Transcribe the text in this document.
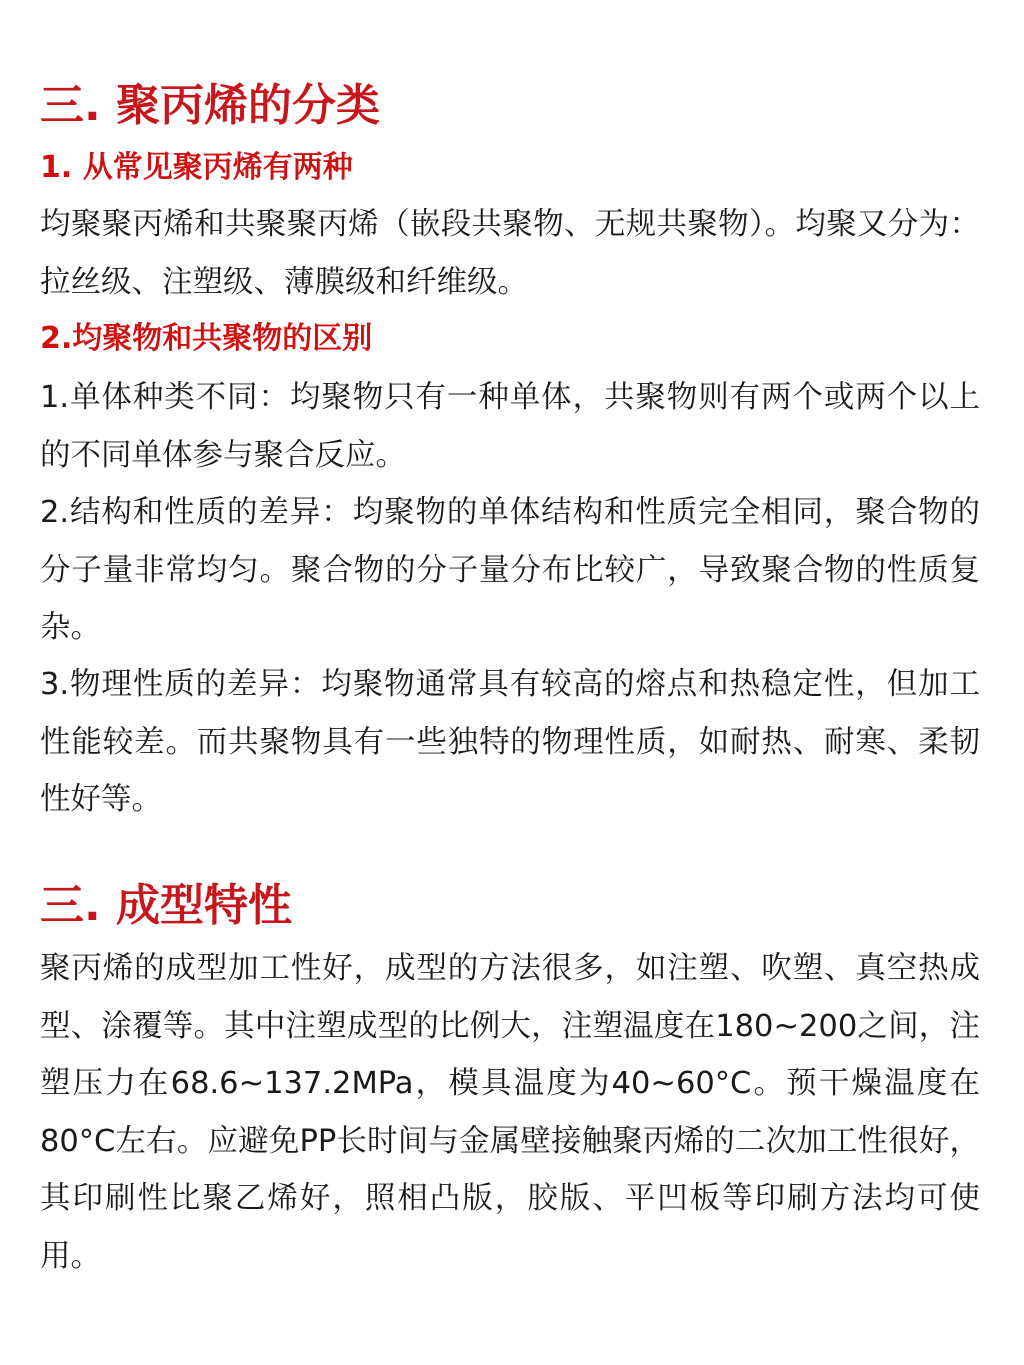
三. 聚丙烯的分类
1. 从常见聚丙烯有两种

均聚聚丙烯和共聚聚丙烯（嵌段共聚物、无规共聚物）。均聚又分为：拉丝级、注塑级、薄膜级和纤维级。

2.均聚物和共聚物的区别

1.单体种类不同：均聚物只有一种单体，共聚物则有两个或两个以上的不同单体参与聚合反应。

2.结构和性质的差异：均聚物的单体结构和性质完全相同，聚合物的分子量非常均匀。聚合物的分子量分布比较广，导致聚合物的性质复杂。

3.物理性质的差异：均聚物通常具有较高的熔点和热稳定性，但加工性能较差。而共聚物具有一些独特的物理性质，如耐热、耐寒、柔韧性好等。

三. 成型特性

聚丙烯的成型加工性好，成型的方法很多，如注塑、吹塑、真空热成型、涂覆等。其中注塑成型的比例大，注塑温度在180~200之间，注塑压力在68.6~137.2MPa，模具温度为40~60°C。预干燥温度在80°C左右。应避免PP长时间与金属壁接触聚丙烯的二次加工性很好，其印刷性比聚乙烯好，照相凸版，胶版、平凹板等印刷方法均可使用。
